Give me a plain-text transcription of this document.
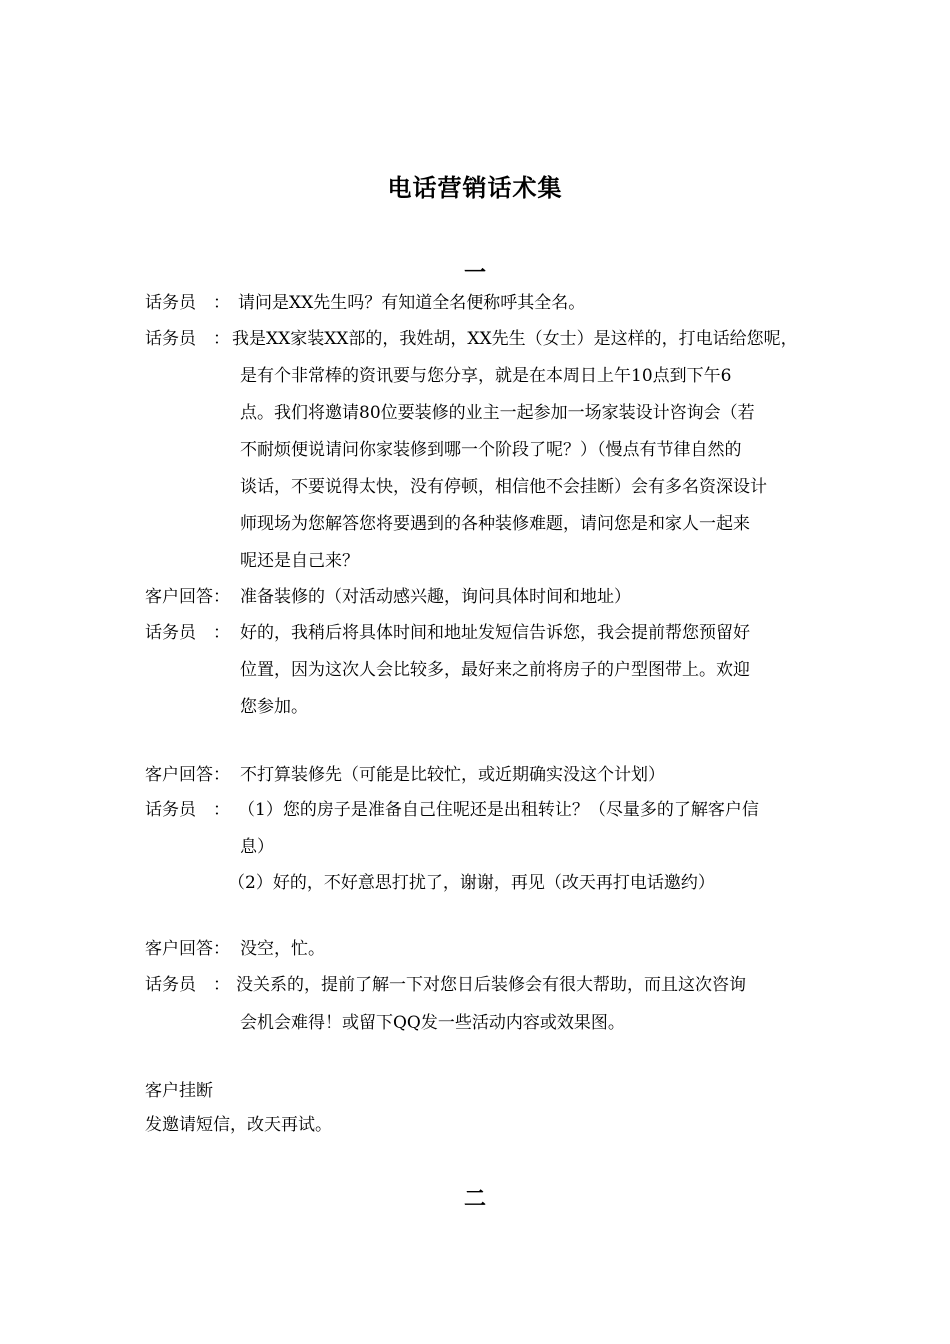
电话营销话术集
一
话务员　： 请问是XX先生吗？有知道全名便称呼其全名。
话务员　： 我是XX家装XX部的，我姓胡，XX先生（女士）是这样的，打电话给您呢，
是有个非常棒的资讯要与您分享，就是在本周日上午10点到下午6
点。我们将邀请80位要装修的业主一起参加一场家装设计咨询会（若
不耐烦便说请问你家装修到哪一个阶段了呢？）（慢点有节律自然的
谈话，不要说得太快，没有停顿，相信他不会挂断）会有多名资深设计
师现场为您解答您将要遇到的各种装修难题，请问您是和家人一起来
呢还是自己来？
客户回答： 准备装修的（对活动感兴趣，询问具体时间和地址）
话务员　： 好的，我稍后将具体时间和地址发短信告诉您，我会提前帮您预留好
位置，因为这次人会比较多，最好来之前将房子的户型图带上。欢迎
您参加。
客户回答： 不打算装修先（可能是比较忙，或近期确实没这个计划）
话务员　： （1）您的房子是准备自己住呢还是出租转让？（尽量多的了解客户信
息）
（2）好的，不好意思打扰了，谢谢，再见（改天再打电话邀约）
客户回答： 没空，忙。
话务员　： 没关系的，提前了解一下对您日后装修会有很大帮助，而且这次咨询
会机会难得！或留下QQ发一些活动内容或效果图。
客户挂断
发邀请短信，改天再试。
二
